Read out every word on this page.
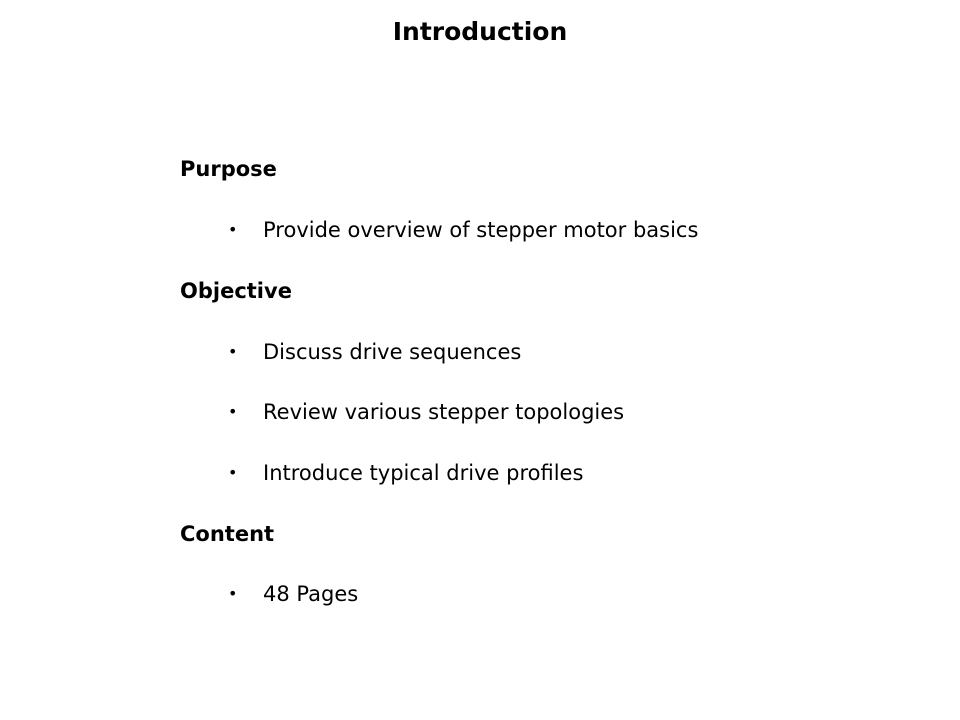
Introduction
Purpose
• Provide overview of stepper motor basics
Objective
• Discuss drive sequences
• Review various stepper topologies
• Introduce typical drive profiles
Content
• 48 Pages
